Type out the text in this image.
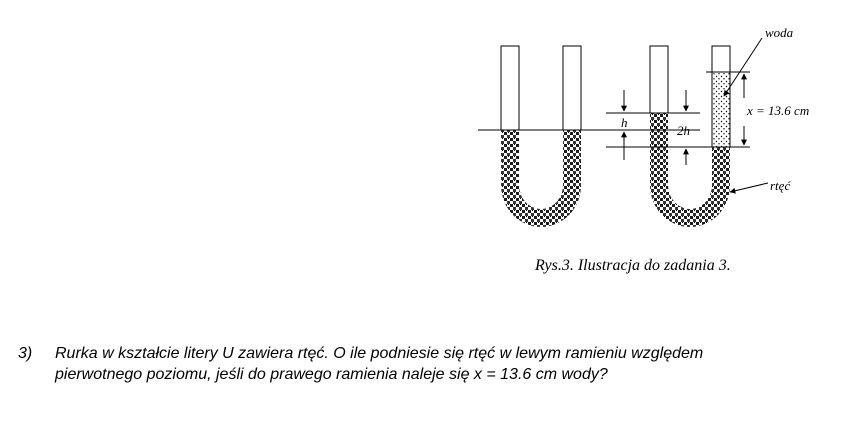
woda
rtęć
h
2h
x = 13.6 cm
Rys.3. Ilustracja do zadania 3.
3) Rurka w kształcie litery U zawiera rtęć. O ile podniesie się rtęć w lewym ramieniu względem
pierwotnego poziomu, jeśli do prawego ramienia naleje się x = 13.6 cm wody?
